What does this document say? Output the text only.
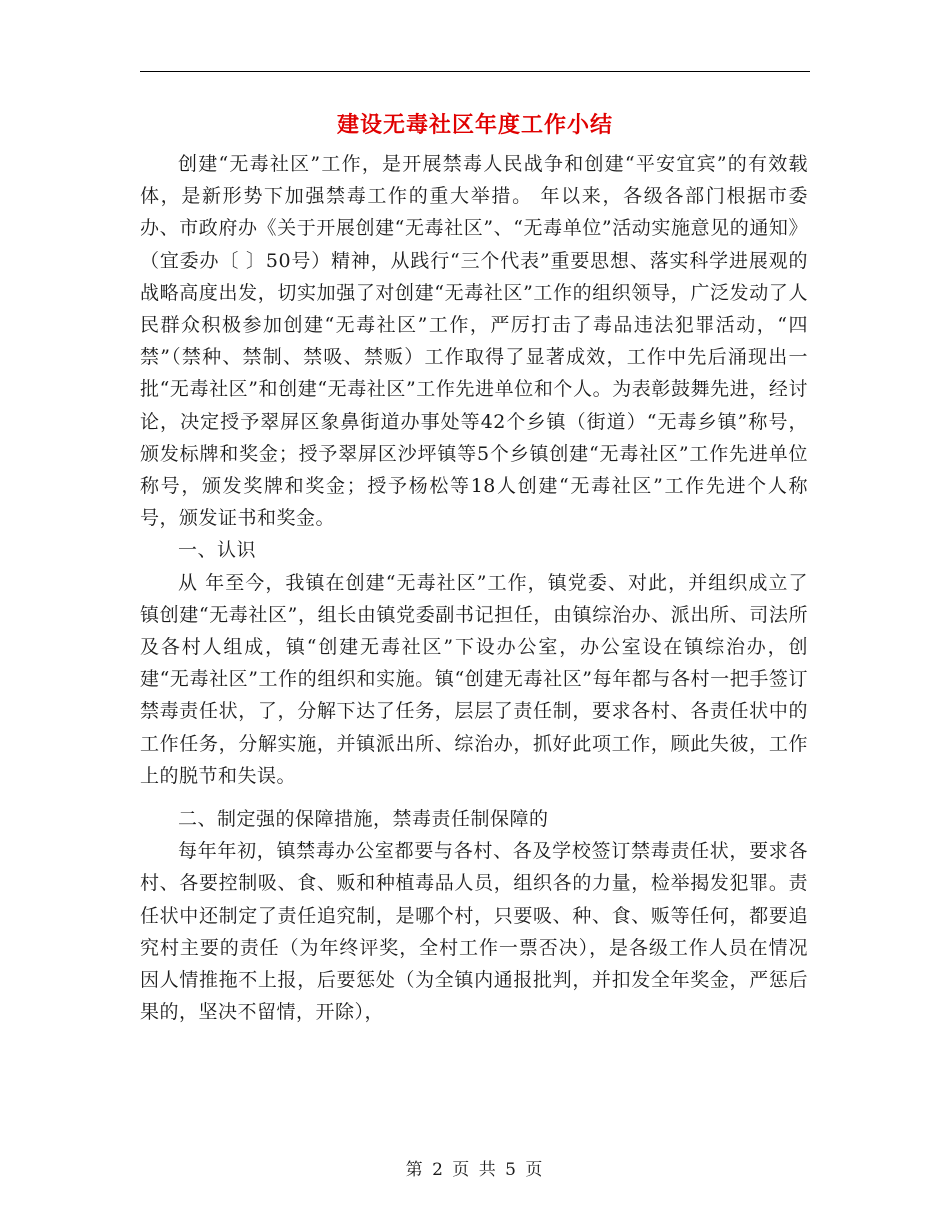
建设无毒社区年度工作小结

创建“无毒社区”工作，是开展禁毒人民战争和创建“平安宜宾”的有效载体，是新形势下加强禁毒工作的重大举措。 年以来，各级各部门根据市委办、市政府办《关于开展创建“无毒社区”、“无毒单位”活动实施意见的通知》（宜委办〔 〕50号）精神，从践行“三个代表”重要思想、落实科学进展观的战略高度出发，切实加强了对创建“无毒社区”工作的组织领导，广泛发动了人民群众积极参加创建“无毒社区”工作，严厉打击了毒品违法犯罪活动，“四禁”（禁种、禁制、禁吸、禁贩）工作取得了显著成效，工作中先后涌现出一批“无毒社区”和创建“无毒社区”工作先进单位和个人。为表彰鼓舞先进，经讨论，决定授予翠屏区象鼻街道办事处等42个乡镇（街道）“无毒乡镇”称号，颁发标牌和奖金；授予翠屏区沙坪镇等5个乡镇创建“无毒社区”工作先进单位称号，颁发奖牌和奖金；授予杨松等18人创建“无毒社区”工作先进个人称号，颁发证书和奖金。

一、认识

从 年至今，我镇在创建“无毒社区”工作，镇党委、对此，并组织成立了镇创建“无毒社区”，组长由镇党委副书记担任，由镇综治办、派出所、司法所及各村人组成，镇“创建无毒社区”下设办公室，办公室设在镇综治办，创建“无毒社区”工作的组织和实施。镇“创建无毒社区”每年都与各村一把手签订禁毒责任状，了，分解下达了任务，层层了责任制，要求各村、各责任状中的工作任务，分解实施，并镇派出所、综治办，抓好此项工作，顾此失彼，工作上的脱节和失误。

二、制定强的保障措施，禁毒责任制保障的

每年年初，镇禁毒办公室都要与各村、各及学校签订禁毒责任状，要求各村、各要控制吸、食、贩和种植毒品人员，组织各的力量，检举揭发犯罪。责任状中还制定了责任追究制，是哪个村，只要吸、种、食、贩等任何，都要追究村主要的责任（为年终评奖，全村工作一票否决），是各级工作人员在情况因人情推拖不上报，后要惩处（为全镇内通报批判，并扣发全年奖金，严惩后果的，坚决不留情，开除），

第 2 页 共 5 页
